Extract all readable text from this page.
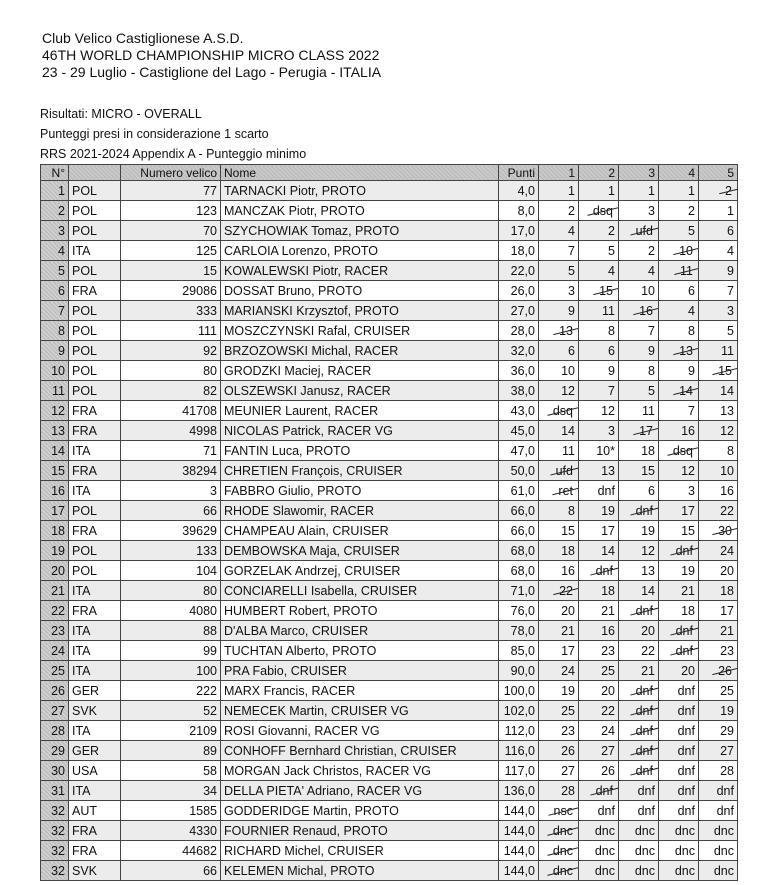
Club Velico Castiglionese A.S.D.
46TH WORLD CHAMPIONSHIP MICRO CLASS 2022
23 - 29 Luglio - Castiglione del Lago - Perugia - ITALIA
Risultati: MICRO - OVERALL
Punteggi presi in considerazione 1 scarto
RRS 2021-2024 Appendix A - Punteggio minimo
N°		Numero velico	Nome	Punti	1	2	3	4	5
1	POL	77	TARNACKI Piotr, PROTO	4,0	1	1	1	1	2
2	POL	123	MANCZAK Piotr, PROTO	8,0	2	dsq	3	2	1
3	POL	70	SZYCHOWIAK Tomaz, PROTO	17,0	4	2	ufd	5	6
4	ITA	125	CARLOIA Lorenzo, PROTO	18,0	7	5	2	10	4
5	POL	15	KOWALEWSKI Piotr, RACER	22,0	5	4	4	11	9
6	FRA	29086	DOSSAT Bruno, PROTO	26,0	3	15	10	6	7
7	POL	333	MARIANSKI Krzysztof, PROTO	27,0	9	11	16	4	3
8	POL	111	MOSZCZYNSKI Rafal, CRUISER	28,0	13	8	7	8	5
9	POL	92	BRZOZOWSKI Michal, RACER	32,0	6	6	9	13	11
10	POL	80	GRODZKI Maciej, RACER	36,0	10	9	8	9	15
11	POL	82	OLSZEWSKI Janusz, RACER	38,0	12	7	5	14	14
12	FRA	41708	MEUNIER Laurent, RACER	43,0	dsq	12	11	7	13
13	FRA	4998	NICOLAS Patrick, RACER VG	45,0	14	3	17	16	12
14	ITA	71	FANTIN Luca, PROTO	47,0	11	10*	18	dsq	8
15	FRA	38294	CHRETIEN François, CRUISER	50,0	ufd	13	15	12	10
16	ITA	3	FABBRO Giulio, PROTO	61,0	ret	dnf	6	3	16
17	POL	66	RHODE Slawomir, RACER	66,0	8	19	dnf	17	22
18	FRA	39629	CHAMPEAU Alain, CRUISER	66,0	15	17	19	15	30
19	POL	133	DEMBOWSKA Maja, CRUISER	68,0	18	14	12	dnf	24
20	POL	104	GORZELAK Andrzej, CRUISER	68,0	16	dnf	13	19	20
21	ITA	80	CONCIARELLI Isabella, CRUISER	71,0	22	18	14	21	18
22	FRA	4080	HUMBERT Robert, PROTO	76,0	20	21	dnf	18	17
23	ITA	88	D'ALBA Marco, CRUISER	78,0	21	16	20	dnf	21
24	ITA	99	TUCHTAN Alberto, PROTO	85,0	17	23	22	dnf	23
25	ITA	100	PRA Fabio, CRUISER	90,0	24	25	21	20	26
26	GER	222	MARX Francis, RACER	100,0	19	20	dnf	dnf	25
27	SVK	52	NEMECEK Martin, CRUISER VG	102,0	25	22	dnf	dnf	19
28	ITA	2109	ROSI Giovanni, RACER VG	112,0	23	24	dnf	dnf	29
29	GER	89	CONHOFF Bernhard Christian, CRUISER	116,0	26	27	dnf	dnf	27
30	USA	58	MORGAN Jack Christos, RACER VG	117,0	27	26	dnf	dnf	28
31	ITA	34	DELLA PIETA' Adriano, RACER VG	136,0	28	dnf	dnf	dnf	dnf
32	AUT	1585	GODDERIDGE Martin, PROTO	144,0	nsc	dnf	dnf	dnf	dnf
32	FRA	4330	FOURNIER Renaud, PROTO	144,0	dnc	dnc	dnc	dnc	dnc
32	FRA	44682	RICHARD Michel, CRUISER	144,0	dnc	dnc	dnc	dnc	dnc
32	SVK	66	KELEMEN Michal, PROTO	144,0	dnc	dnc	dnc	dnc	dnc
